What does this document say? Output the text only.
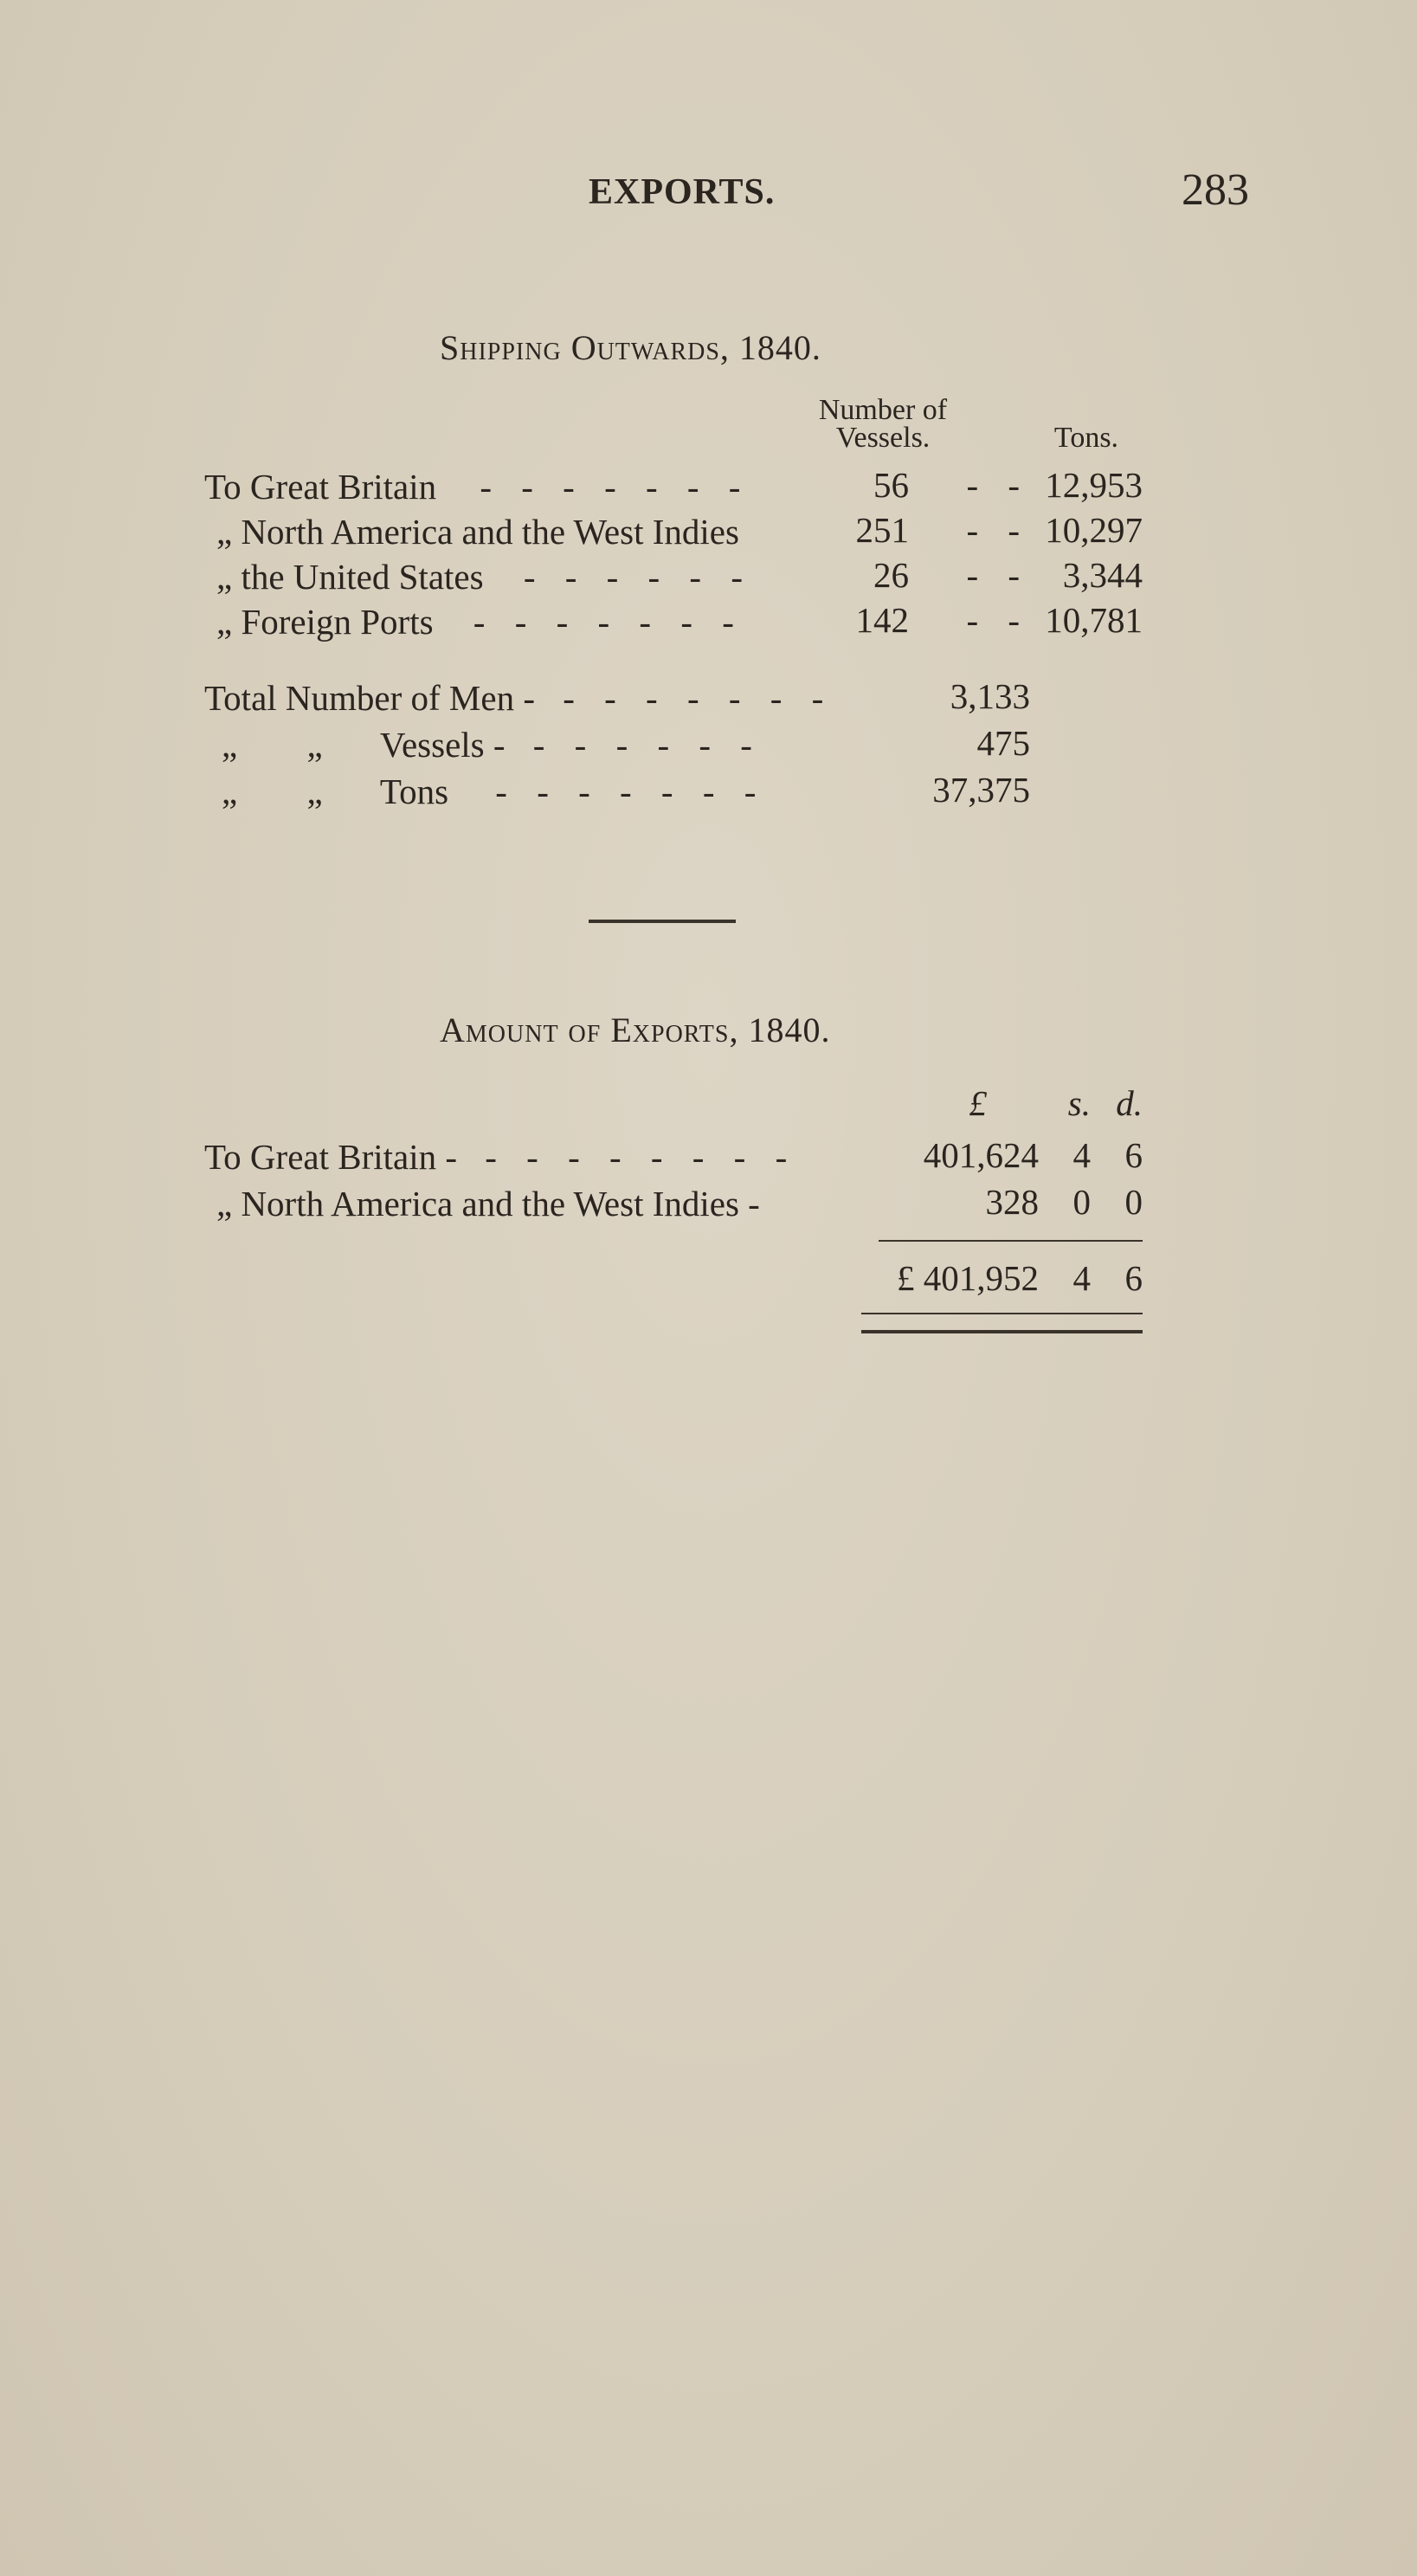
EXPORTS.	283
Shipping Outwards, 1840.
Number of
Vessels.	Tons.
To Great Britain - - - - - - -	56	- - 12,953
„ North America and the West Indies	251	- - 10,297
„ the United States - - - - - -	26	- - 3,344
„ Foreign Ports - - - - - - -	142	- - 10,781
Total Number of Men - - - - - - - -	3,133
„ „ Vessels - - - - - - -	475
„ „ Tons - - - - - - -	37,375
Amount of Exports, 1840.
£	s. d.
To Great Britain - - - - - - - - -	401,624 4 6
„ North America and the West Indies -	328 0 0
£ 401,952 4 6
